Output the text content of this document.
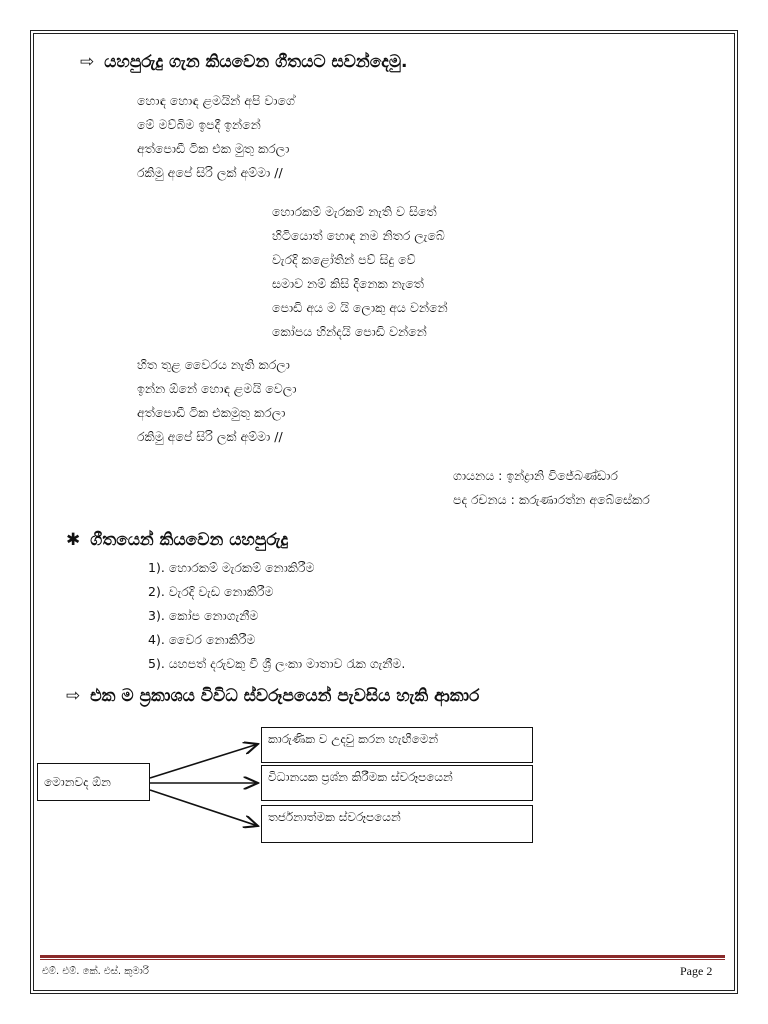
⇨ යහපුරුදු ගැන කියවෙන ගීතයට සවන්දෙමු.
හොඳ හොඳ ළමයින් අපි වාගේ
මේ මව්බිම ඉපදී ඉන්නේ
අත්පොඩී ටික එක මුතු කරලා
රකිමු අපේ සිරි ලක් අම්මා //
හොරකම් මැරකම් නැති ව සිතේ
හිටියොත් හොඳ නම නිතර ලැබේ
වැරදි කළෝතින් පව් සිදු වේ
සමාව නම් කිසි දිනෙක නැතේ
පොඩි අය ම යි ලොකු අය වන්නේ
කෝපය හින්දයි පොඩි වන්නේ
හිත තුළ වෛරය නැති කරලා
ඉන්න ඕනේ හොඳ ළමයි වෙලා
අත්පොඩී ටික එකමුතු කරලා
රකිමු අපේ සිරි ලක් අම්මා //
ගායනය : ඉන්ද්‍රානි විජේබණ්ඩාර
පද රචනය : කරුණාරත්න අබේසේකර
✱ ගීතයෙන් කියවෙන යහපුරුදු
1). හොරකම් මැරකම් නොකිරීම
2). වැරදි වැඩ නොකිරීම
3). කෝප නොගැනීම
4). වෛර නොකිරීම
5). යහපත් දරුවකු වී ශ්‍රී ලංකා මාතාව රැක ගැනීම.
⇨ එක ම ප්‍රකාශය විවිධ ස්වරූපයෙන් පැවසිය හැකි ආකාර
මොනවද ඕන
කාරුණික ව උදවු කරන හැඟීමෙන්
විධානයක ප්‍රශ්න කිරීමක ස්වරූපයෙන්
තර්ජනාත්මක ස්වරූපයෙන්
එම්. එම්. කේ. එස්. කුමාරි	Page 2
